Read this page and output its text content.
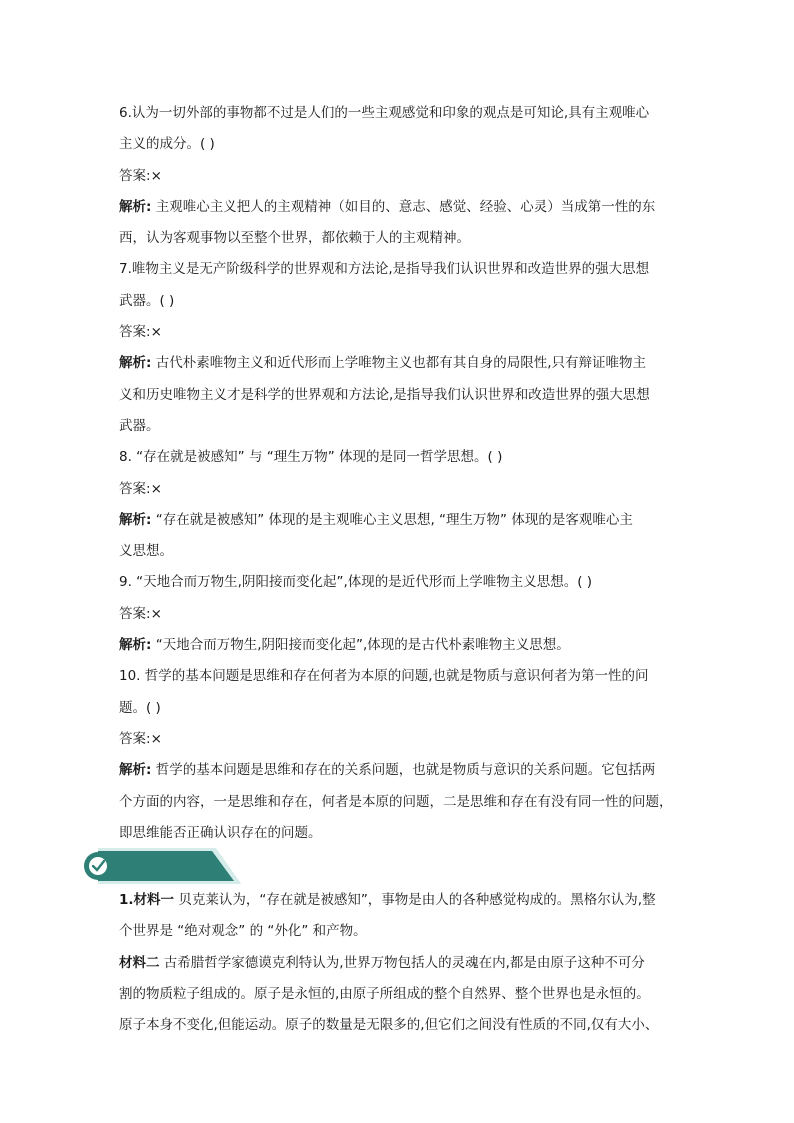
6.认为一切外部的事物都不过是人们的一些主观感觉和印象的观点是可知论,具有主观唯心
主义的成分。( )
答案:×
解析: 主观唯心主义把人的主观精神（如目的、意志、感觉、经验、心灵）当成第一性的东
西，认为客观事物以至整个世界，都依赖于人的主观精神。
7.唯物主义是无产阶级科学的世界观和方法论,是指导我们认识世界和改造世界的强大思想
武器。( )
答案:×
解析: 古代朴素唯物主义和近代形而上学唯物主义也都有其自身的局限性,只有辩证唯物主
义和历史唯物主义才是科学的世界观和方法论,是指导我们认识世界和改造世界的强大思想
武器。
8. “存在就是被感知” 与 “理生万物” 体现的是同一哲学思想。( )
答案:×
解析: “存在就是被感知” 体现的是主观唯心主义思想, “理生万物” 体现的是客观唯心主
义思想。
9. “天地合而万物生,阴阳接而变化起”,体现的是近代形而上学唯物主义思想。( )
答案:×
解析: “天地合而万物生,阴阳接而变化起”,体现的是古代朴素唯物主义思想。
10. 哲学的基本问题是思维和存在何者为本原的问题,也就是物质与意识何者为第一性的问
题。( )
答案:×
解析: 哲学的基本问题是思维和存在的关系问题，也就是物质与意识的关系问题。它包括两
个方面的内容，一是思维和存在，何者是本原的问题，二是思维和存在有没有同一性的问题，
即思维能否正确认识存在的问题。
1.材料一 贝克莱认为，“存在就是被感知”，事物是由人的各种感觉构成的。黑格尔认为,整
个世界是 “绝对观念” 的 “外化” 和产物。
材料二 古希腊哲学家德谟克利特认为,世界万物包括人的灵魂在内,都是由原子这种不可分
割的物质粒子组成的。原子是永恒的,由原子所组成的整个自然界、整个世界也是永恒的。
原子本身不变化,但能运动。原子的数量是无限多的,但它们之间没有性质的不同,仅有大小、
